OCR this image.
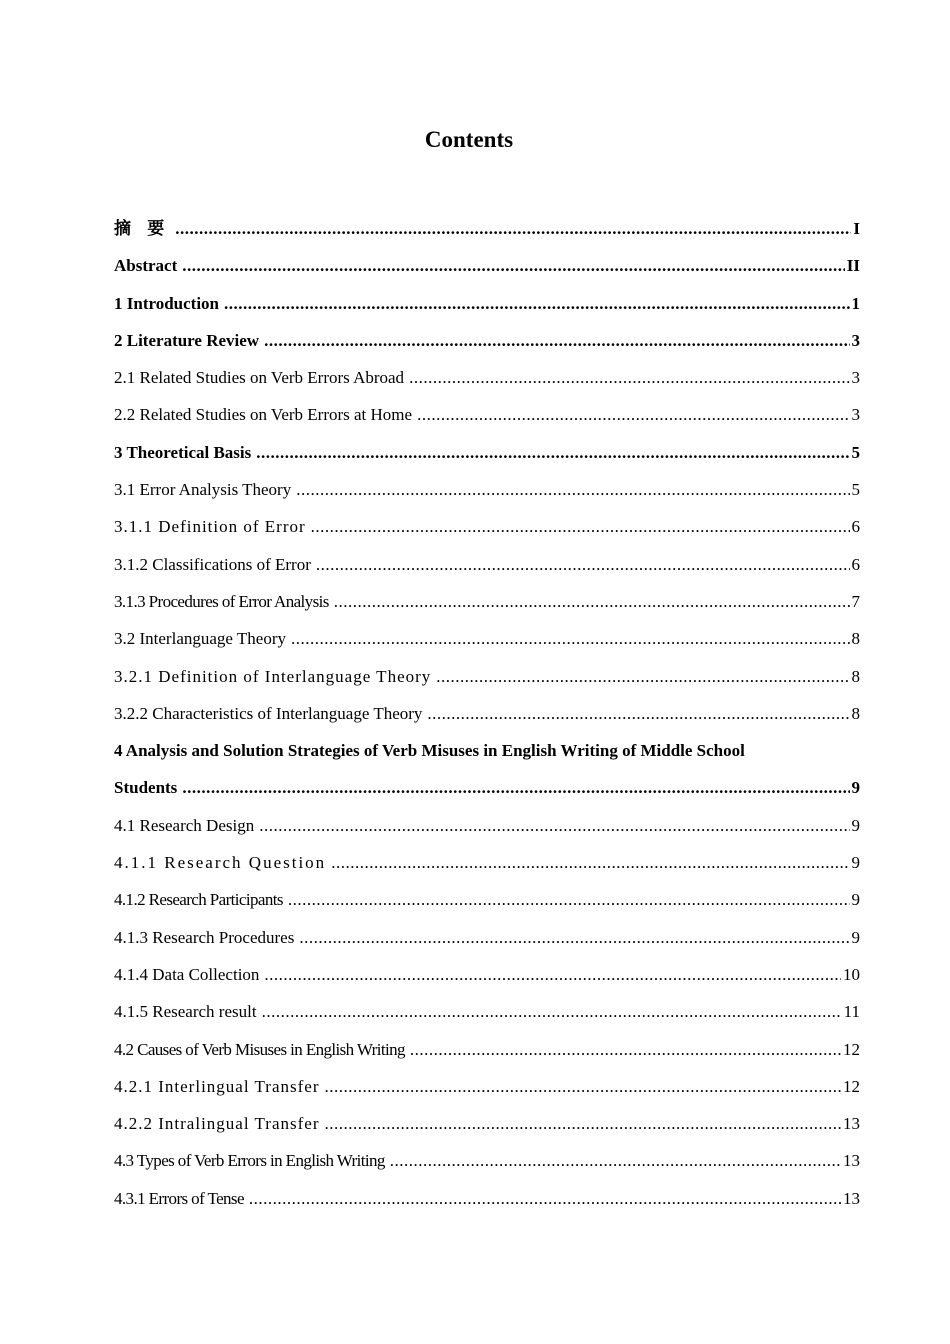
Contents
摘 要 .....	I
Abstract .....	II
1 Introduction .....	1
2 Literature Review .....	3
2.1 Related Studies on Verb Errors Abroad .....	3
2.2 Related Studies on Verb Errors at Home .....	3
3 Theoretical Basis .....	5
3.1 Error Analysis Theory .....	5
3.1.1 Definition of Error .....	6
3.1.2 Classifications of Error .....	6
3.1.3 Procedures of Error Analysis .....	7
3.2 Interlanguage Theory .....	8
3.2.1 Definition of Interlanguage Theory .....	8
3.2.2 Characteristics of Interlanguage Theory .....	8
4 Analysis and Solution Strategies of Verb Misuses in English Writing of Middle School
Students .....	9
4.1 Research Design .....	9
4.1.1 Research Question .....	9
4.1.2 Research Participants .....	9
4.1.3 Research Procedures .....	9
4.1.4 Data Collection .....	10
4.1.5 Research result .....	11
4.2 Causes of Verb Misuses in English Writing .....	12
4.2.1 Interlingual Transfer .....	12
4.2.2 Intralingual Transfer .....	13
4.3 Types of Verb Errors in English Writing .....	13
4.3.1 Errors of Tense .....	13
